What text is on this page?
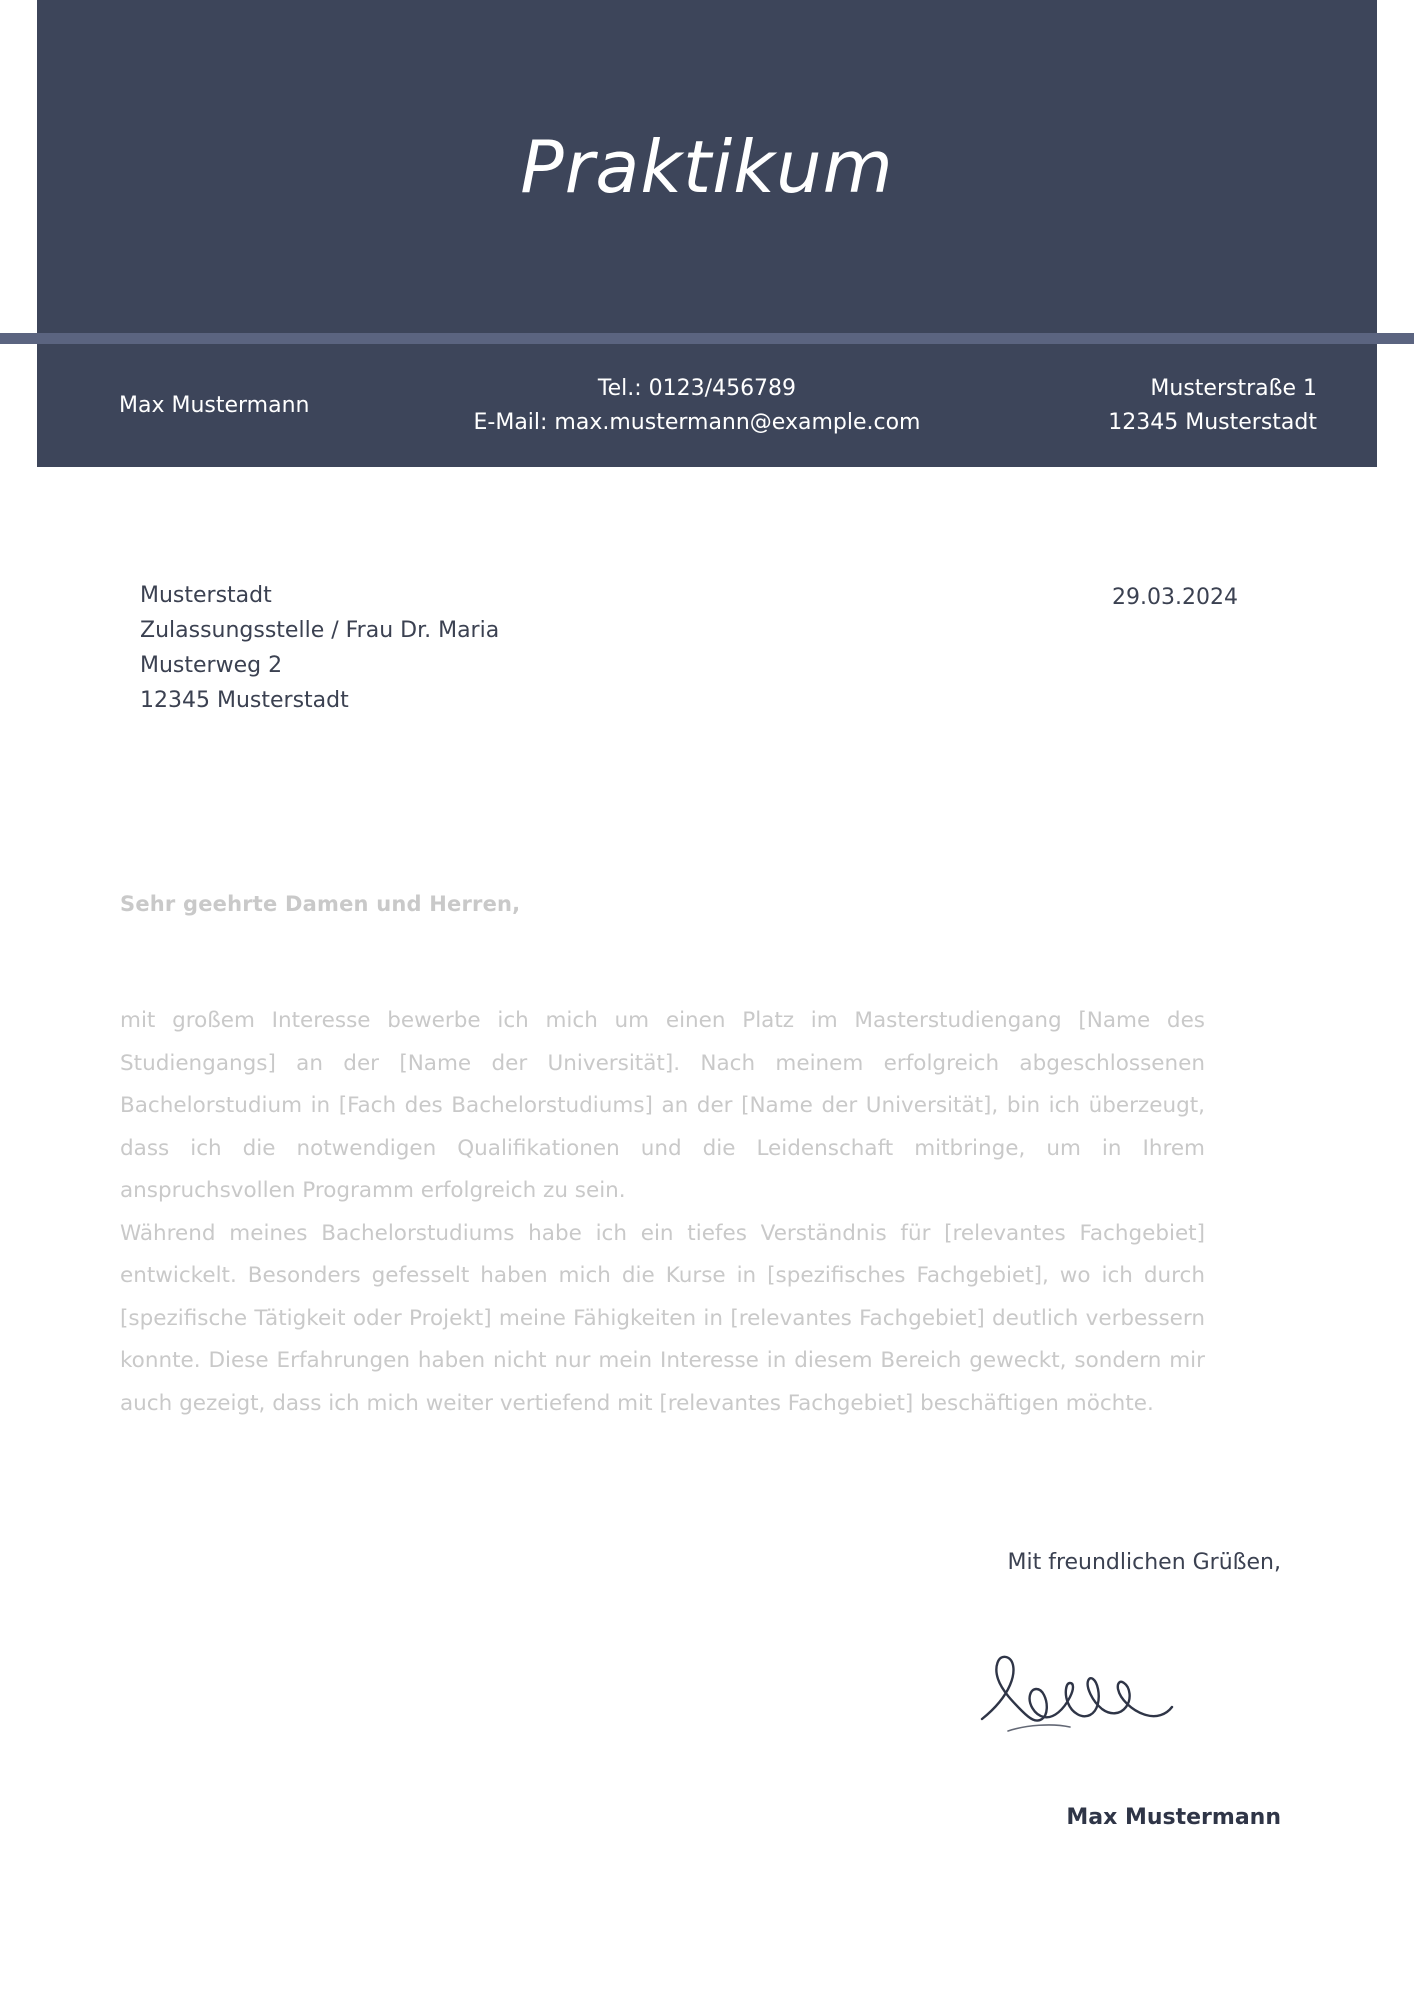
Praktikum
Max Mustermann
Tel.: 0123/456789
E-Mail: max.mustermann@example.com
Musterstraße 1
12345 Musterstadt
Musterstadt
Zulassungsstelle / Frau Dr. Maria
Musterweg 2
12345 Musterstadt
29.03.2024
Sehr geehrte Damen und Herren,

mit großem Interesse bewerbe ich mich um einen Platz im Masterstudiengang [Name des Studiengangs] an der [Name der Universität]. Nach meinem erfolgreich abgeschlossenen Bachelorstudium in [Fach des Bachelorstudiums] an der [Name der Universität], bin ich überzeugt, dass ich die notwendigen Qualifikationen und die Leidenschaft mitbringe, um in Ihrem anspruchsvollen Programm erfolgreich zu sein.

Während meines Bachelorstudiums habe ich ein tiefes Verständnis für [relevantes Fachgebiet] entwickelt. Besonders gefesselt haben mich die Kurse in [spezifisches Fachgebiet], wo ich durch [spezifische Tätigkeit oder Projekt] meine Fähigkeiten in [relevantes Fachgebiet] deutlich verbessern konnte. Diese Erfahrungen haben nicht nur mein Interesse in diesem Bereich geweckt, sondern mir auch gezeigt, dass ich mich weiter vertiefend mit [relevantes Fachgebiet] beschäftigen möchte.

Mit freundlichen Grüßen,
Max Mustermann
